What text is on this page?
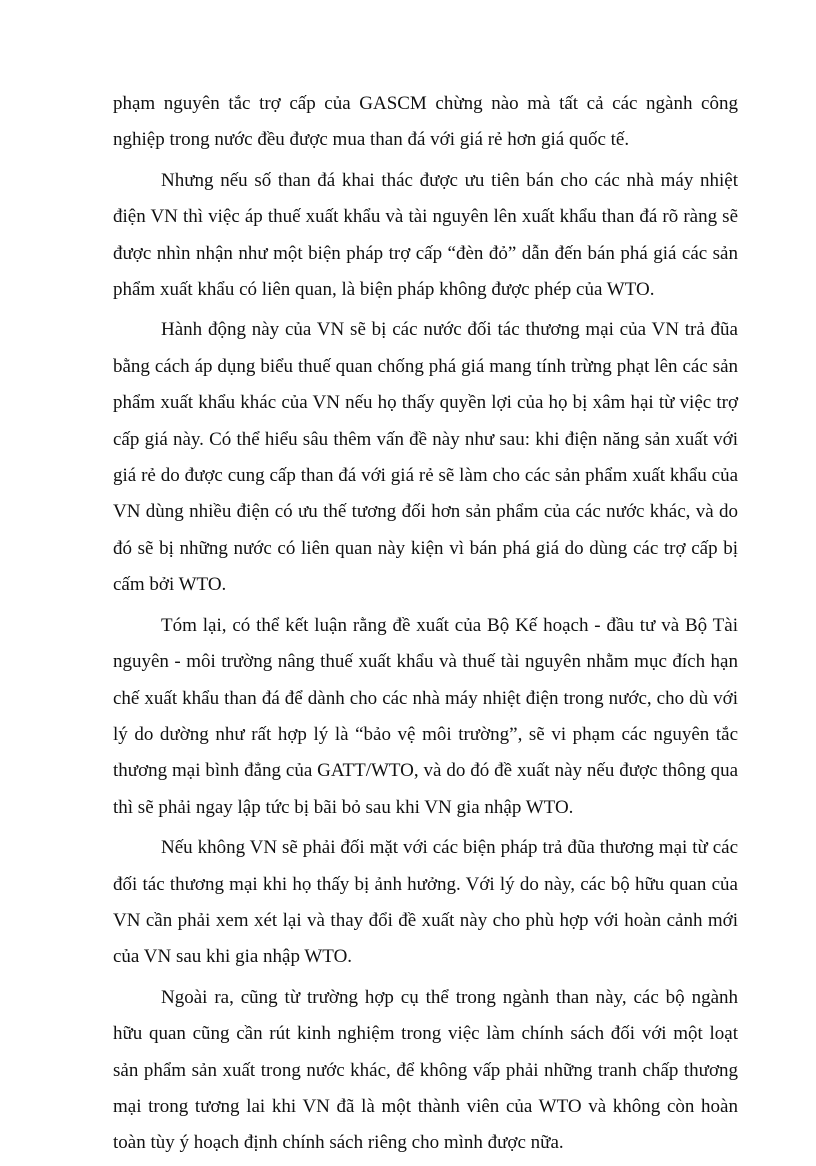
phạm nguyên tắc trợ cấp của GASCM chừng nào mà tất cả các ngành công nghiệp trong nước đều được mua than đá với giá rẻ hơn giá quốc tế.

Nhưng nếu số than đá khai thác được ưu tiên bán cho các nhà máy nhiệt điện VN thì việc áp thuế xuất khẩu và tài nguyên lên xuất khẩu than đá rõ ràng sẽ được nhìn nhận như một biện pháp trợ cấp “đèn đỏ” dẫn đến bán phá giá các sản phẩm xuất khẩu có liên quan, là biện pháp không được phép của WTO.

Hành động này của VN sẽ bị các nước đối tác thương mại của VN trả đũa bằng cách áp dụng biểu thuế quan chống phá giá mang tính trừng phạt lên các sản phẩm xuất khẩu khác của VN nếu họ thấy quyền lợi của họ bị xâm hại từ việc trợ cấp giá này. Có thể hiểu sâu thêm vấn đề này như sau: khi điện năng sản xuất với giá rẻ do được cung cấp than đá với giá rẻ sẽ làm cho các sản phẩm xuất khẩu của VN dùng nhiều điện có ưu thế tương đối hơn sản phẩm của các nước khác, và do đó sẽ bị những nước có liên quan này kiện vì bán phá giá do dùng các trợ cấp bị cấm bởi WTO.

Tóm lại, có thể kết luận rằng đề xuất của Bộ Kế hoạch - đầu tư và Bộ Tài nguyên - môi trường nâng thuế xuất khẩu và thuế tài nguyên nhằm mục đích hạn chế xuất khẩu than đá để dành cho các nhà máy nhiệt điện trong nước, cho dù với lý do dường như rất hợp lý là “bảo vệ môi trường”, sẽ vi phạm các nguyên tắc thương mại bình đẳng của GATT/WTO, và do đó đề xuất này nếu được thông qua thì sẽ phải ngay lập tức bị bãi bỏ sau khi VN gia nhập WTO.

Nếu không VN sẽ phải đối mặt với các biện pháp trả đũa thương mại từ các đối tác thương mại khi họ thấy bị ảnh hưởng. Với lý do này, các bộ hữu quan của VN cần phải xem xét lại và thay đổi đề xuất này cho phù hợp với hoàn cảnh mới của VN sau khi gia nhập WTO.

Ngoài ra, cũng từ trường hợp cụ thể trong ngành than này, các bộ ngành hữu quan cũng cần rút kinh nghiệm trong việc làm chính sách đối với một loạt sản phẩm sản xuất trong nước khác, để không vấp phải những tranh chấp thương mại trong tương lai khi VN đã là một thành viên của WTO và không còn hoàn toàn tùy ý hoạch định chính sách riêng cho mình được nữa.
